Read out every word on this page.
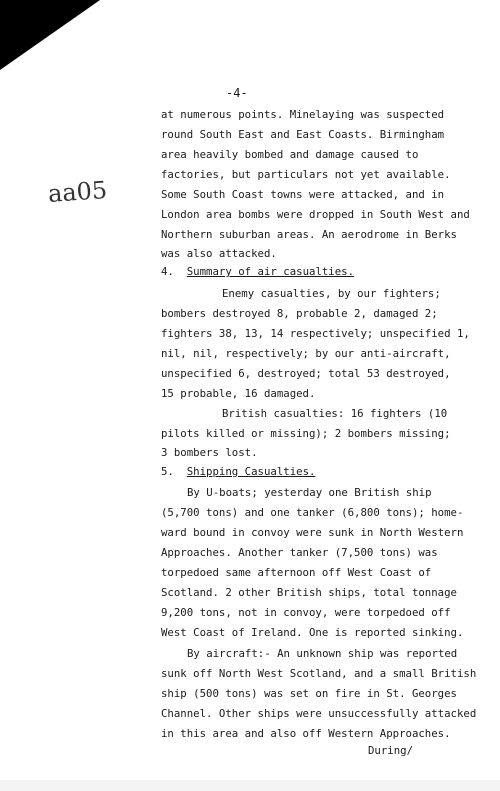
-4-
aa05
at numerous points. Minelaying was suspected
round South East and East Coasts. Birmingham
area heavily bombed and damage caused to
factories, but particulars not yet available.
Some South Coast towns were attacked, and in
London area bombs were dropped in South West and
Northern suburban areas. An aerodrome in Berks
was also attacked.
4. Summary of air casualties.
Enemy casualties, by our fighters;
bombers destroyed 8, probable 2, damaged 2;
fighters 38, 13, 14 respectively; unspecified 1,
nil, nil, respectively; by our anti-aircraft,
unspecified 6, destroyed; total 53 destroyed,
15 probable, 16 damaged.
British casualties: 16 fighters (10
pilots killed or missing); 2 bombers missing;
3 bombers lost.
5. Shipping Casualties.
By U-boats; yesterday one British ship
(5,700 tons) and one tanker (6,800 tons); home-
ward bound in convoy were sunk in North Western
Approaches. Another tanker (7,500 tons) was
torpedoed same afternoon off West Coast of
Scotland. 2 other British ships, total tonnage
9,200 tons, not in convoy, were torpedoed off
West Coast of Ireland. One is reported sinking.
By aircraft:- An unknown ship was reported
sunk off North West Scotland, and a small British
ship (500 tons) was set on fire in St. Georges
Channel. Other ships were unsuccessfully attacked
in this area and also off Western Approaches.
During/
